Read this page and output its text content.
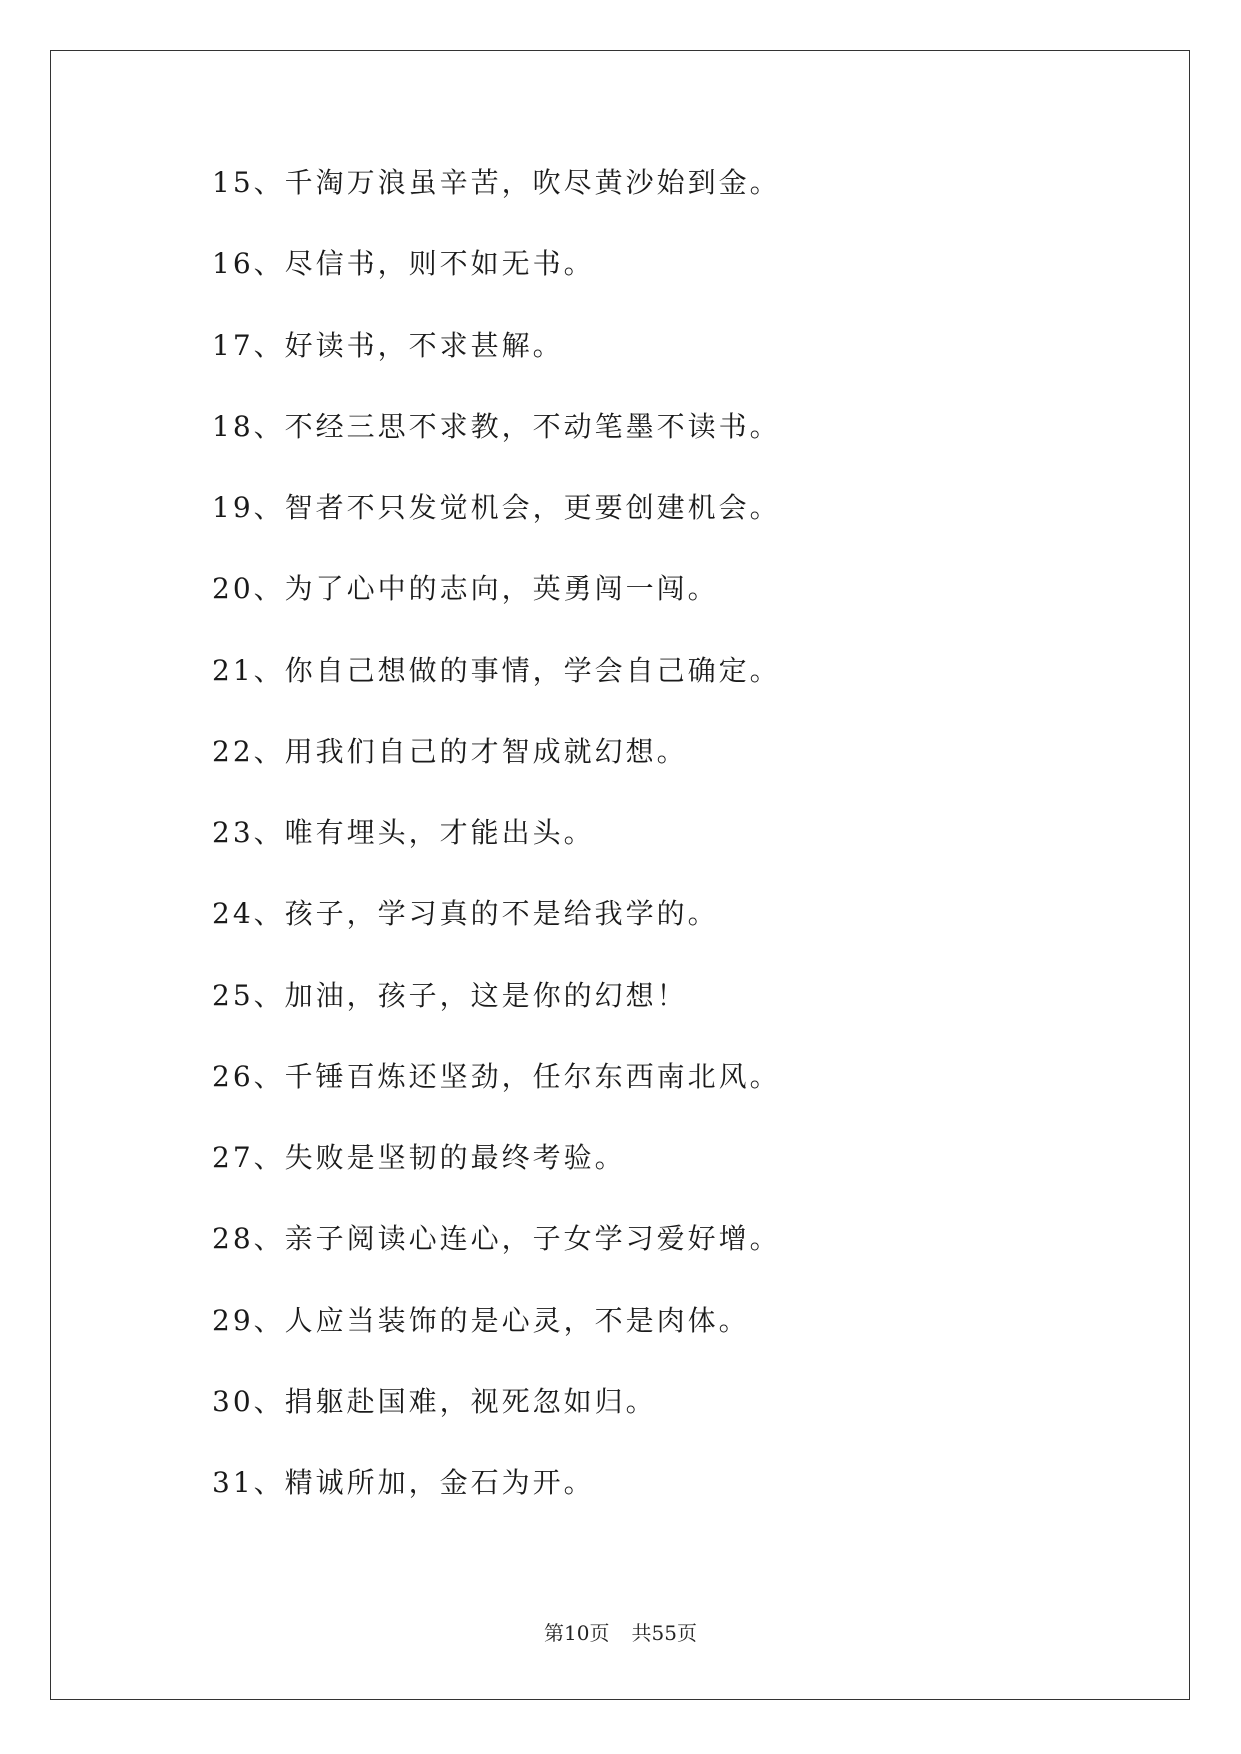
15、千淘万浪虽辛苦，吹尽黄沙始到金。
16、尽信书，则不如无书。
17、好读书，不求甚解。
18、不经三思不求教，不动笔墨不读书。
19、智者不只发觉机会，更要创建机会。
20、为了心中的志向，英勇闯一闯。
21、你自己想做的事情，学会自己确定。
22、用我们自己的才智成就幻想。
23、唯有埋头，才能出头。
24、孩子，学习真的不是给我学的。
25、加油，孩子，这是你的幻想！
26、千锤百炼还坚劲，任尔东西南北风。
27、失败是坚韧的最终考验。
28、亲子阅读心连心，子女学习爱好增。
29、人应当装饰的是心灵，不是肉体。
30、捐躯赴国难，视死忽如归。
31、精诚所加，金石为开。
第10页 共55页
